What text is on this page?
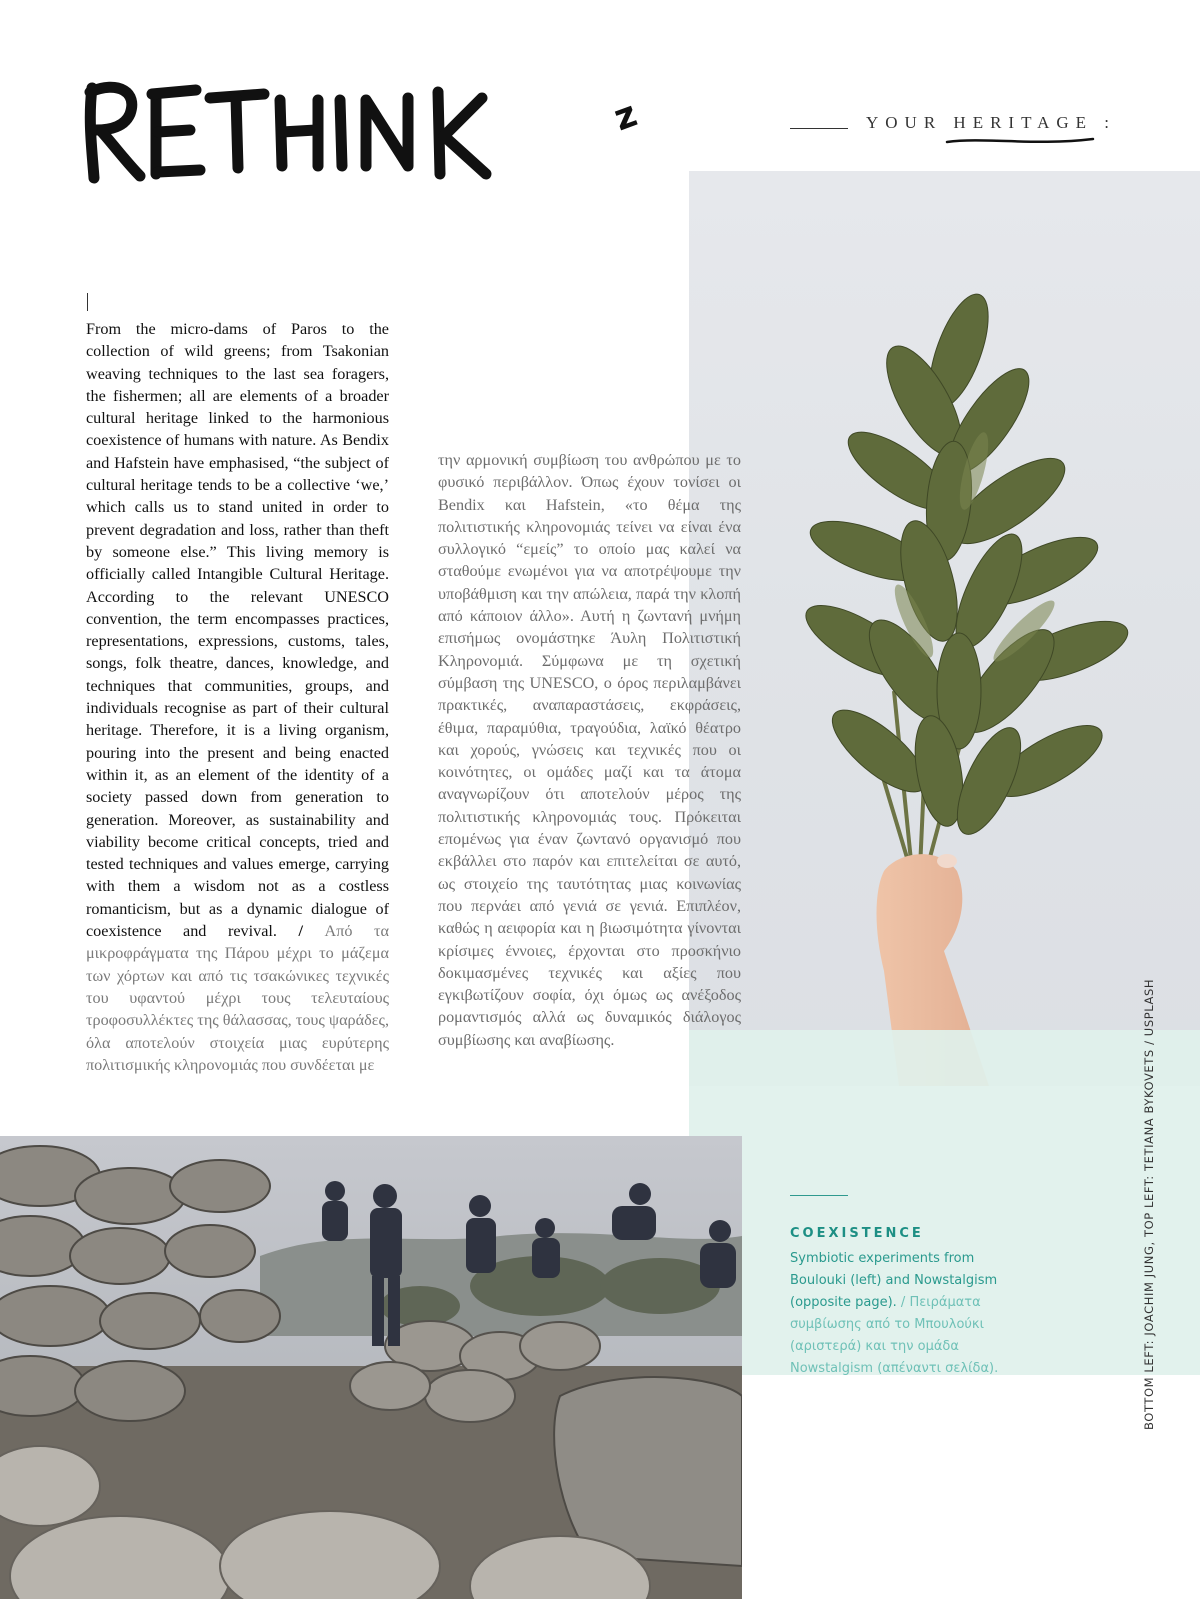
z	YOUR HERITAGE :
From the micro-dams of Paros to the collection of wild greens; from Tsakonian weaving techniques to the last sea foragers, the fishermen; all are elements of a broader cultural heritage linked to the harmonious coexistence of humans with nature. As Bendix and Hafstein have emphasised, “the subject of cultural heritage tends to be a collective ‘we,’ which calls us to stand united in order to prevent degradation and loss, rather than theft by someone else.” This living memory is officially called Intangible Cultural Heritage. According to the relevant UNESCO convention, the term encompasses practices, representations, expressions, customs, tales, songs, folk theatre, dances, knowledge, and techniques that communities, groups, and individuals recognise as part of their cultural heritage. Therefore, it is a living organism, pouring into the present and being enacted within it, as an element of the identity of a society passed down from generation to generation. Moreover, as sustainability and viability become critical concepts, tried and tested techniques and values emerge, carrying with them a wisdom not as a costless romanticism, but as a dynamic dialogue of coexistence and revival. / Από τα μικροφράγματα της Πάρου μέχρι το μάζεμα των χόρτων και από τις τσακώνικες τεχνικές του υφαντού μέχρι τους τελευταίους τροφοσυλλέκτες της θάλασσας, τους ψαράδες, όλα αποτελούν στοιχεία μιας ευρύτερης πολιτισμικής κληρονομιάς που συνδέεται με
την αρμονική συμβίωση του ανθρώπου με το φυσικό περιβάλλον. Όπως έχουν τονίσει οι Bendix και Hafstein, «το θέμα της πολιτιστικής κληρονομιάς τείνει να είναι ένα συλλογικό “εμείς” το οποίο μας καλεί να σταθούμε ενωμένοι για να αποτρέψουμε την υποβάθμιση και την απώλεια, παρά την κλοπή από κάποιον άλλο». Αυτή η ζωντανή μνήμη επισήμως ονομάστηκε Άυλη Πολιτιστική Κληρονομιά. Σύμφωνα με τη σχετική σύμβαση της UNESCO, ο όρος περιλαμβάνει πρακτικές, αναπαραστάσεις, εκφράσεις, έθιμα, παραμύθια, τραγούδια, λαϊκό θέατρο και χορούς, γνώσεις και τεχνικές που οι κοινότητες, οι ομάδες μαζί και τα άτομα αναγνωρίζουν ότι αποτελούν μέρος της πολιτιστικής κληρονομιάς τους. Πρόκειται επομένως για έναν ζωντανό οργανισμό που εκβάλλει στο παρόν και επιτελείται σε αυτό, ως στοιχείο της ταυτότητας μιας κοινωνίας που περνάει από γενιά σε γενιά. Επιπλέον, καθώς η αειφορία και η βιωσιμότητα γίνονται κρίσιμες έννοιες, έρχονται στο προσκήνιο δοκιμασμένες τεχνικές και αξίες που εγκιβωτίζουν σοφία, όχι όμως ως ανέξοδος ρομαντισμός αλλά ως δυναμικός διάλογος συμβίωσης και αναβίωσης.
COEXISTENCE
Symbiotic experiments from Boulouki (left) and Nowstalgism (opposite page). / Πειράματα συμβίωσης από το Μπουλούκι (αριστερά) και την ομάδα Nowstalgism (απέναντι σελίδα).	BOTTOM LEFT: JOACHIM JUNG, TOP LEFT: TETIANA BYKOVETS / USPLASH
